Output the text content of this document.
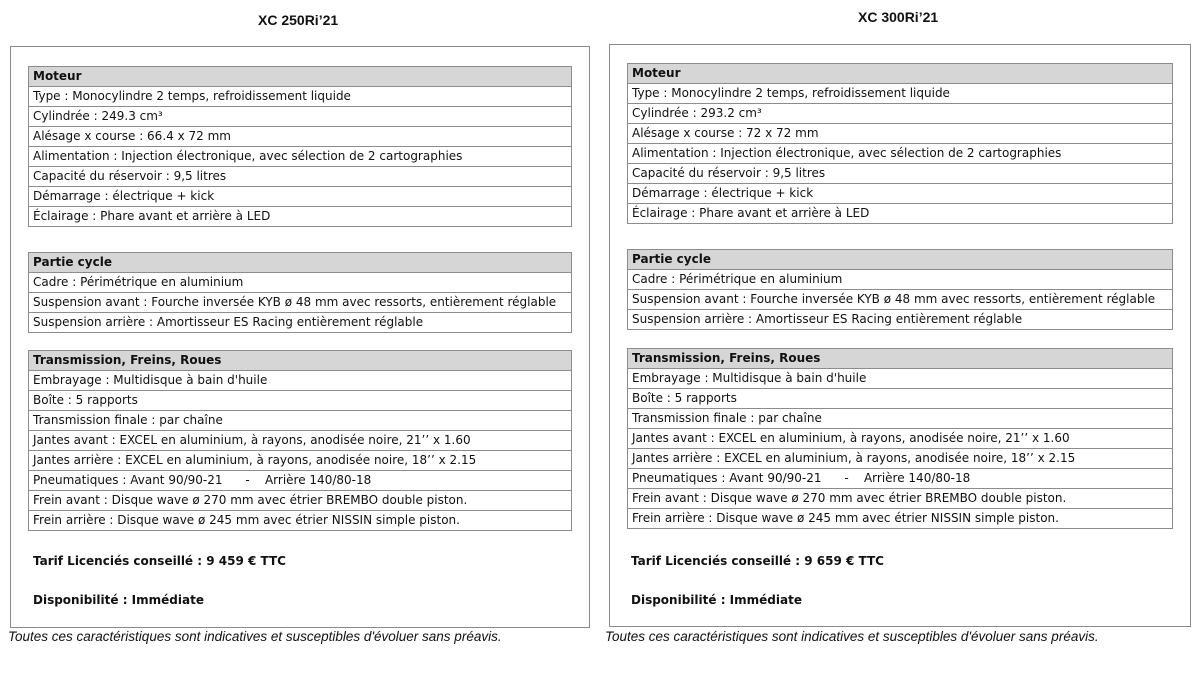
XC 250Ri’21
Moteur
Type : Monocylindre 2 temps, refroidissement liquide
Cylindrée : 249.3 cm³
Alésage x course : 66.4 x 72 mm
Alimentation : Injection électronique, avec sélection de 2 cartographies
Capacité du réservoir : 9,5 litres
Démarrage : électrique + kick
Éclairage : Phare avant et arrière à LED
Partie cycle
Cadre : Périmétrique en aluminium
Suspension avant : Fourche inversée KYB ø 48 mm avec ressorts, entièrement réglable
Suspension arrière : Amortisseur ES Racing entièrement réglable
Transmission, Freins, Roues
Embrayage : Multidisque à bain d'huile
Boîte : 5 rapports
Transmission finale : par chaîne
Jantes avant : EXCEL en aluminium, à rayons, anodisée noire, 21’’ x 1.60
Jantes arrière : EXCEL en aluminium, à rayons, anodisée noire, 18’’ x 2.15
Pneumatiques : Avant 90/90-21      -    Arrière 140/80-18
Frein avant : Disque wave ø 270 mm avec étrier BREMBO double piston.
Frein arrière : Disque wave ø 245 mm avec étrier NISSIN simple piston.

Tarif Licenciés conseillé : 9 459 € TTC

Disponibilité : Immédiate

Toutes ces caractéristiques sont indicatives et susceptibles d'évoluer sans préavis.

XC 300Ri’21
Moteur
Type : Monocylindre 2 temps, refroidissement liquide
Cylindrée : 293.2 cm³
Alésage x course : 72 x 72 mm
Alimentation : Injection électronique, avec sélection de 2 cartographies
Capacité du réservoir : 9,5 litres
Démarrage : électrique + kick
Éclairage : Phare avant et arrière à LED
Partie cycle
Cadre : Périmétrique en aluminium
Suspension avant : Fourche inversée KYB ø 48 mm avec ressorts, entièrement réglable
Suspension arrière : Amortisseur ES Racing entièrement réglable
Transmission, Freins, Roues
Embrayage : Multidisque à bain d'huile
Boîte : 5 rapports
Transmission finale : par chaîne
Jantes avant : EXCEL en aluminium, à rayons, anodisée noire, 21’’ x 1.60
Jantes arrière : EXCEL en aluminium, à rayons, anodisée noire, 18’’ x 2.15
Pneumatiques : Avant 90/90-21      -    Arrière 140/80-18
Frein avant : Disque wave ø 270 mm avec étrier BREMBO double piston.
Frein arrière : Disque wave ø 245 mm avec étrier NISSIN simple piston.

Tarif Licenciés conseillé : 9 659 € TTC

Disponibilité : Immédiate

Toutes ces caractéristiques sont indicatives et susceptibles d'évoluer sans préavis.
